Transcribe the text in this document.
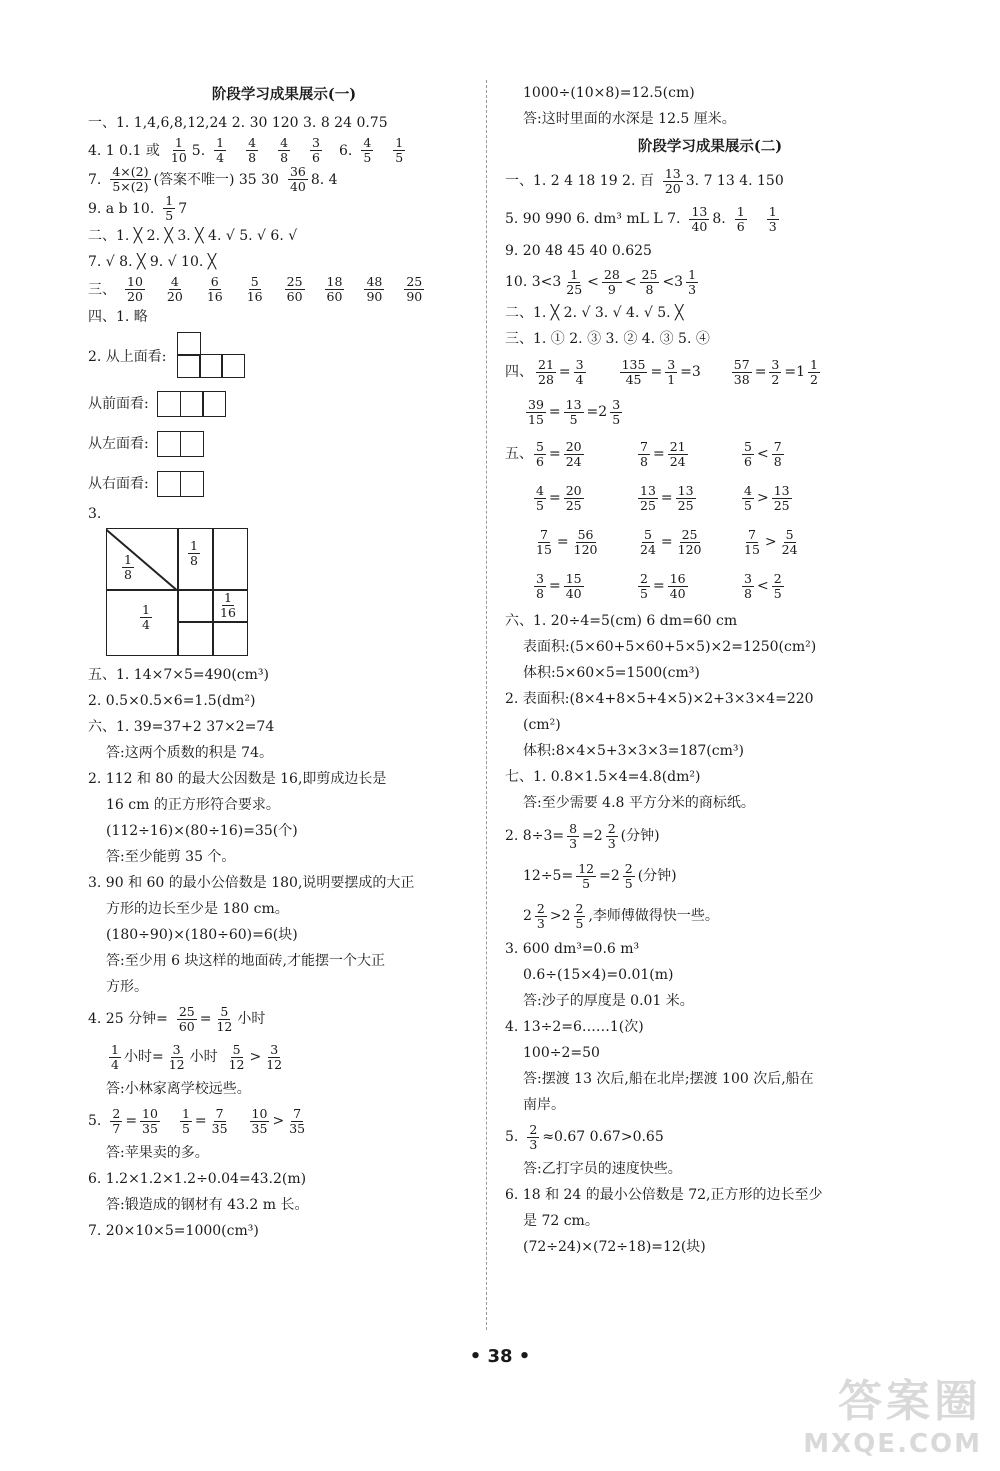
阶段学习成果展示(一)
一、1. 1,4,6,8,12,24 2. 30 120 3. 8 24 0.75
4. 1 0.1 或 $\frac{1}{10} 5$. $\frac{1}{4} \frac{4}{8} \frac{4}{8} \frac{3}{6} 6$. $\frac{4}{5} \frac{1}{5}$
7. $\frac{4\times(2)}{5\times(2)}$ (答案不唯一) 35 $30 \frac{36}{40} 8$. 4
9. a b 10. $\frac{1}{5} 7$
二、1. ╳ 2. ╳ 3. ╳ 4. √ 5. √ 6. √
7. √ 8. ╳ 9. √ 10. ╳
三、 $\frac{10}{20} \frac{4}{20} \frac{6}{16} \frac{5}{16} \frac{25}{60} \frac{18}{60} \frac{48}{90} \frac{25}{90}$
四、1. 略
2. 从上面看:
从前面看:
从左面看:
从右面看:
3.
$\frac{1}{8}$	$\frac{1}{8}$
$\frac{1}{4}$	$\frac{1}{16}$
五、1. 14×7×5=490(cm³)
2. 0.5×0.5×6=1.5(dm²)
六、1. 39=37+2 37×2=74
答:这两个质数的积是 74。
2. 112 和 80 的最大公因数是 16,即剪成边长是
16 cm 的正方形符合要求。
(112÷16)×(80÷16)=35(个)
答:至少能剪 35 个。
3. 90 和 60 的最小公倍数是 180,说明要摆成的大正
方形的边长至少是 180 cm。
(180÷90)×(180÷60)=6(块)
答:至少用 6 块这样的地面砖,才能摆一个大正
方形。
4. 25 分钟= $\frac{25}{60} = \frac{5}{12}$ 小时
$\frac{1}{4}$ 小时= $\frac{3}{12}$ 小时 $\frac{5}{12} > \frac{3}{12}$
答:小林家离学校远些。
5. $\frac{2}{7} = \frac{10}{35} \frac{1}{5} = \frac{7}{35} \frac{10}{35} > \frac{7}{35}$
答:苹果卖的多。
6. 1.2×1.2×1.2÷0.04=43.2(m)
答:锻造成的钢材有 43.2 m 长。
7. 20×10×5=1000(cm³)
1000÷(10×8)=12.5(cm)
答:这时里面的水深是 12.5 厘米。
阶段学习成果展示(二)
一、1. 2 4 18 19 2. 百 $\frac{13}{20} 3$. 7 13 4. 150
5. 90 990 6. dm³ mL L 7. $\frac{13}{40} 8$. $\frac{1}{6} \frac{1}{3}$
9. 20 48 45 40 0.625
10. $3<3 \frac{1}{25} < \frac{28}{9} < \frac{25}{8} <3 \frac{1}{3}$
二、1. ╳ 2. √ 3. √ 4. √ 5. ╳
三、1. ① 2. ③ 3. ② 4. ③ 5. ④
四、 $\frac{21}{28} = \frac{3}{4}$	$\frac{135}{45} = \frac{3}{1} =3 \frac{57}{38} = \frac{3}{2} =1 \frac{1}{2}$
$\frac{39}{15} = \frac{13}{5} =2 \frac{3}{5}$
五、 $\frac{5}{6} = \frac{20}{24}$	$\frac{7}{8} = \frac{21}{24}$	$\frac{5}{6} < \frac{7}{8}$
$\frac{4}{5} = \frac{20}{25}$	$\frac{13}{25} = \frac{13}{25}$	$\frac{4}{5} > \frac{13}{25}$
$\frac{7}{15} = \frac{56}{120}$	$\frac{5}{24} = \frac{25}{120}$	$\frac{7}{15} > \frac{5}{24}$
$\frac{3}{8} = \frac{15}{40}$	$\frac{2}{5} = \frac{16}{40}$	$\frac{3}{8} < \frac{2}{5}$
六、1. 20÷4=5(cm) 6 dm=60 cm
表面积:(5×60+5×60+5×5)×2=1250(cm²)
体积:5×60×5=1500(cm³)
2. 表面积:(8×4+8×5+4×5)×2+3×3×4=220
(cm²)
体积:8×4×5+3×3×3=187(cm³)
七、1. 0.8×1.5×4=4.8(dm²)
答:至少需要 4.8 平方分米的商标纸。
2. $8\div 3= \frac{8}{3} =2 \frac{2}{3}$ (分钟)
$12\div 5= \frac{12}{5} =2 \frac{2}{5}$ (分钟)
$2 \frac{2}{3} >2 \frac{2}{5}$ ,李师傅做得快一些。
3. 600 dm³=0.6 m³
0.6÷(15×4)=0.01(m)
答:沙子的厚度是 0.01 米。
4. 13÷2=6……1(次)
100÷2=50
答:摆渡 13 次后,船在北岸;摆渡 100 次后,船在
南岸。
5. $\frac{2}{3} \approx 0.67$ 0.67>0.65
答:乙打字员的速度快些。
6. 18 和 24 的最小公倍数是 72,正方形的边长至少
是 72 cm。
(72÷24)×(72÷18)=12(块)
• 38 •
答案圈
MXQE.COM
